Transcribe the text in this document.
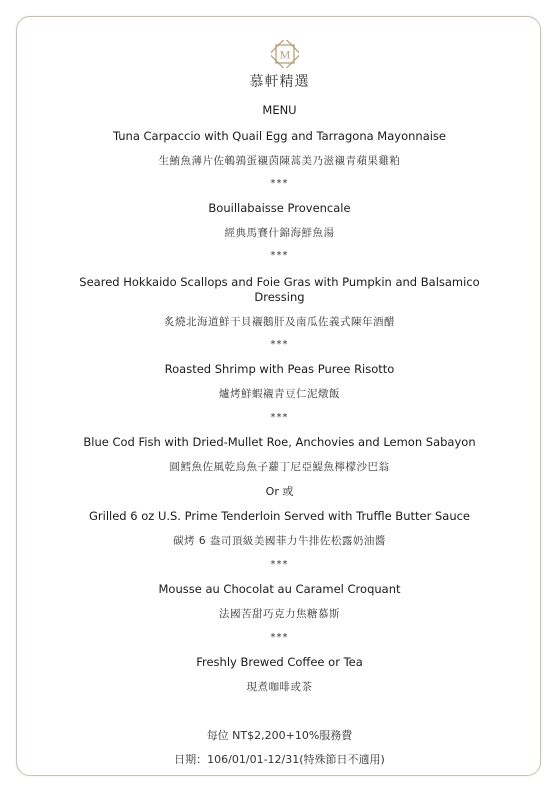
M
慕軒精選
MENU
Tuna Carpaccio with Quail Egg and Tarragona Mayonnaise
生鮪魚薄片佐鵪鶉蛋襯茵陳蒿美乃滋襯青蘋果雞粕
***
Bouillabaisse Provencale
經典馬賽什錦海鮮魚湯
***
Seared Hokkaido Scallops and Foie Gras with Pumpkin and Balsamico
Dressing
炙燒北海道鮮干貝襯鵝肝及南瓜佐義式陳年酒醋
***
Roasted Shrimp with Peas Puree Risotto
爐烤鮮蝦襯青豆仁泥燉飯
***
Blue Cod Fish with Dried-Mullet Roe, Anchovies and Lemon Sabayon
圓鱈魚佐風乾烏魚子蘿丁尼亞鯷魚檸檬沙巴翁
Or 或
Grilled 6 oz U.S. Prime Tenderloin Served with Truffle Butter Sauce
碳烤 6 盎司頂級美國菲力牛排佐松露奶油醬
***
Mousse au Chocolat au Caramel Croquant
法國苦甜巧克力焦糖慕斯
***
Freshly Brewed Coffee or Tea
現煮咖啡或茶
每位 NT$2,200+10%服務費
日期：106/01/01-12/31(特殊節日不適用)
